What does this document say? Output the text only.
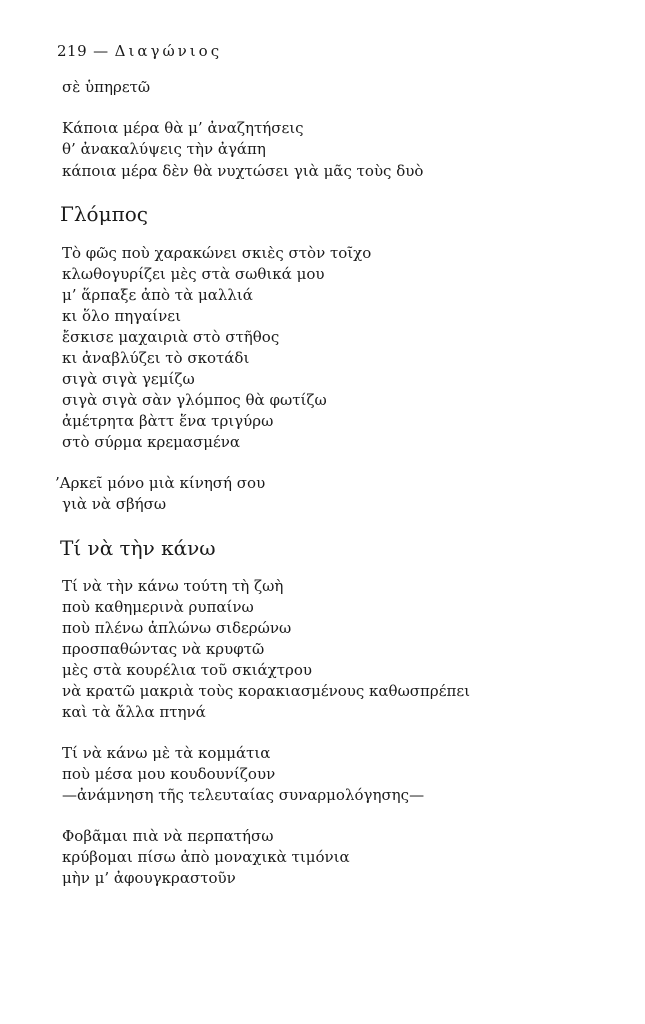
219 — Διαγώνιος
σὲ ὑπηρετῶ
Κάποια μέρα θὰ μ’ ἀναζητήσεις
θ’ ἀνακαλύψεις τὴν ἀγάπη
κάποια μέρα δὲν θὰ νυχτώσει γιὰ μᾶς τοὺς δυὸ
Γλόμπος
Τὸ φῶς ποὺ χαρακώνει σκιὲς στὸν τοῖχο
κλωθογυρίζει μὲς στὰ σωθικά μου
μ’ ἅρπαξε ἀπὸ τὰ μαλλιά
κι ὅλο πηγαίνει
ἔσκισε μαχαιριὰ στὸ στῆθος
κι ἀναβλύζει τὸ σκοτάδι
σιγὰ σιγὰ γεμίζω
σιγὰ σιγὰ σὰν γλόμπος θὰ φωτίζω
ἀμέτρητα βὰττ ἕνα τριγύρω
στὸ σύρμα κρεμασμένα
’Αρκεῖ μόνο μιὰ κίνησή σου
γιὰ νὰ σβήσω
Τί νὰ τὴν κάνω
Τί νὰ τὴν κάνω τούτη τὴ ζωὴ
ποὺ καθημερινὰ ρυπαίνω
ποὺ πλένω ἁπλώνω σιδερώνω
προσπαθώντας νὰ κρυφτῶ
μὲς στὰ κουρέλια τοῦ σκιάχτρου
νὰ κρατῶ μακριὰ τοὺς κορακιασμένους καθωσπρέπει
καὶ τὰ ἄλλα πτηνά
Τί νὰ κάνω μὲ τὰ κομμάτια
ποὺ μέσα μου κουδουνίζουν
—ἀνάμνηση τῆς τελευταίας συναρμολόγησης—
Φοβᾶμαι πιὰ νὰ περπατήσω
κρύβομαι πίσω ἀπὸ μοναχικὰ τιμόνια
μὴν μ’ ἀφουγκραστοῦν
